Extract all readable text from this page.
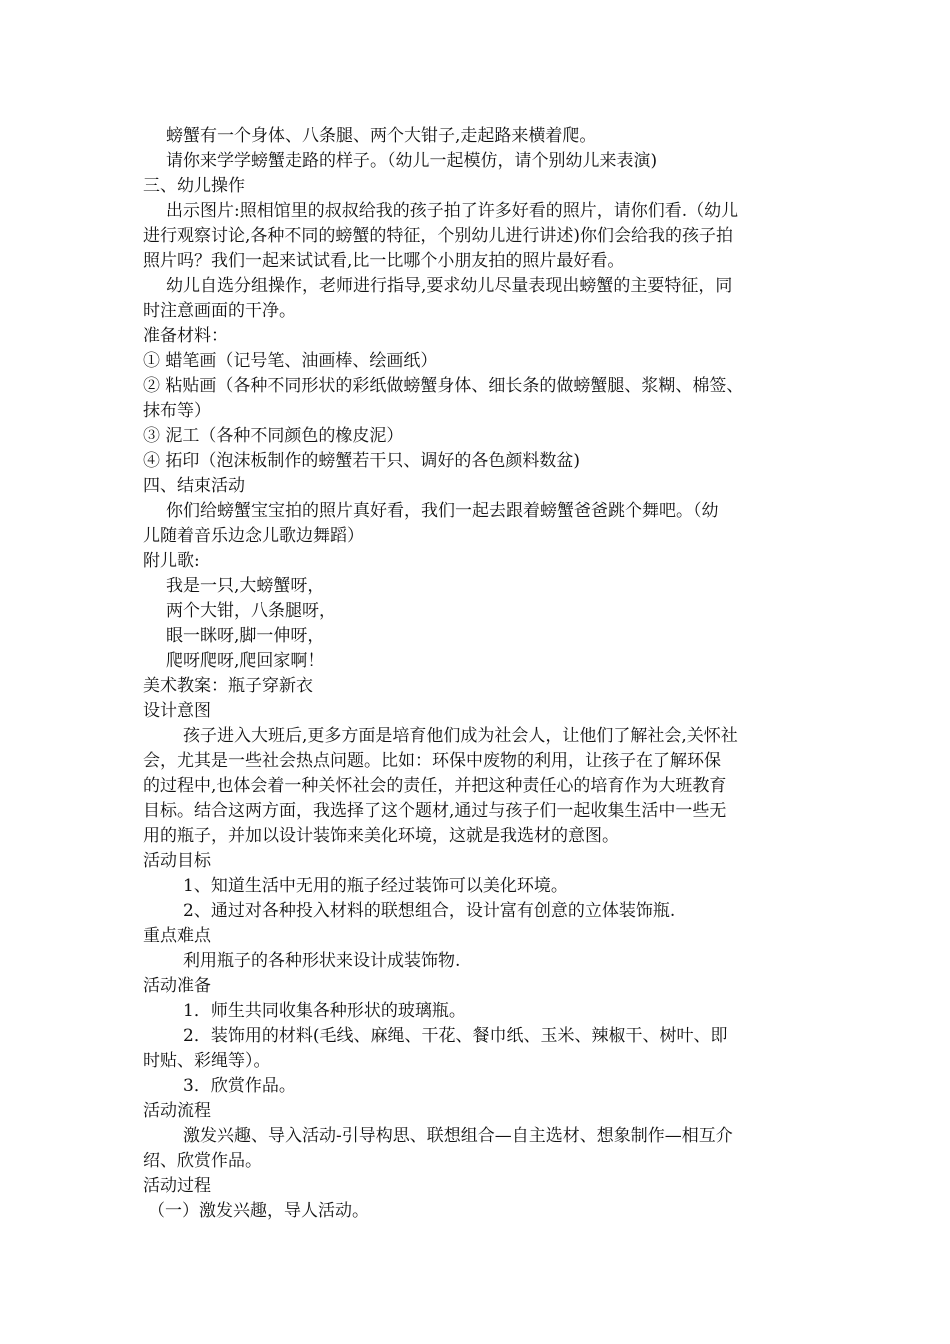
螃蟹有一个身体、八条腿、两个大钳子,走起路来横着爬。
请你来学学螃蟹走路的样子。（幼儿一起模仿，请个别幼儿来表演)
三、幼儿操作
出示图片:照相馆里的叔叔给我的孩子拍了许多好看的照片，请你们看.（幼儿
进行观察讨论,各种不同的螃蟹的特征，个别幼儿进行讲述)你们会给我的孩子拍
照片吗？我们一起来试试看,比一比哪个小朋友拍的照片最好看。
幼儿自选分组操作，老师进行指导,要求幼儿尽量表现出螃蟹的主要特征，同
时注意画面的干净。
准备材料：
① 蜡笔画（记号笔、油画棒、绘画纸）
② 粘贴画（各种不同形状的彩纸做螃蟹身体、细长条的做螃蟹腿、浆糊、棉签、
抹布等）
③ 泥工（各种不同颜色的橡皮泥）
④ 拓印（泡沫板制作的螃蟹若干只、调好的各色颜料数盆)
四、结束活动
你们给螃蟹宝宝拍的照片真好看，我们一起去跟着螃蟹爸爸跳个舞吧。（幼
儿随着音乐边念儿歌边舞蹈）
附儿歌:
我是一只,大螃蟹呀，
两个大钳，八条腿呀，
眼一眯呀,脚一伸呀，
爬呀爬呀,爬回家啊！
美术教案：瓶子穿新衣
设计意图
孩子进入大班后,更多方面是培育他们成为社会人，让他们了解社会,关怀社
会，尤其是一些社会热点问题。比如：环保中废物的利用，让孩子在了解环保
的过程中,也体会着一种关怀社会的责任，并把这种责任心的培育作为大班教育
目标。结合这两方面，我选择了这个题材,通过与孩子们一起收集生活中一些无
用的瓶子，并加以设计装饰来美化环境，这就是我选材的意图。
活动目标
1、知道生活中无用的瓶子经过装饰可以美化环境。
2、通过对各种投入材料的联想组合，设计富有创意的立体装饰瓶.
重点难点
利用瓶子的各种形状来设计成装饰物.
活动准备
1．师生共同收集各种形状的玻璃瓶。
2．装饰用的材料(毛线、麻绳、干花、餐巾纸、玉米、辣椒干、树叶、即
时贴、彩绳等）。
3．欣赏作品。
活动流程
激发兴趣、导入活动-引导构思、联想组合—自主选材、想象制作—相互介
绍、欣赏作品。
活动过程
（一）激发兴趣，导人活动。
